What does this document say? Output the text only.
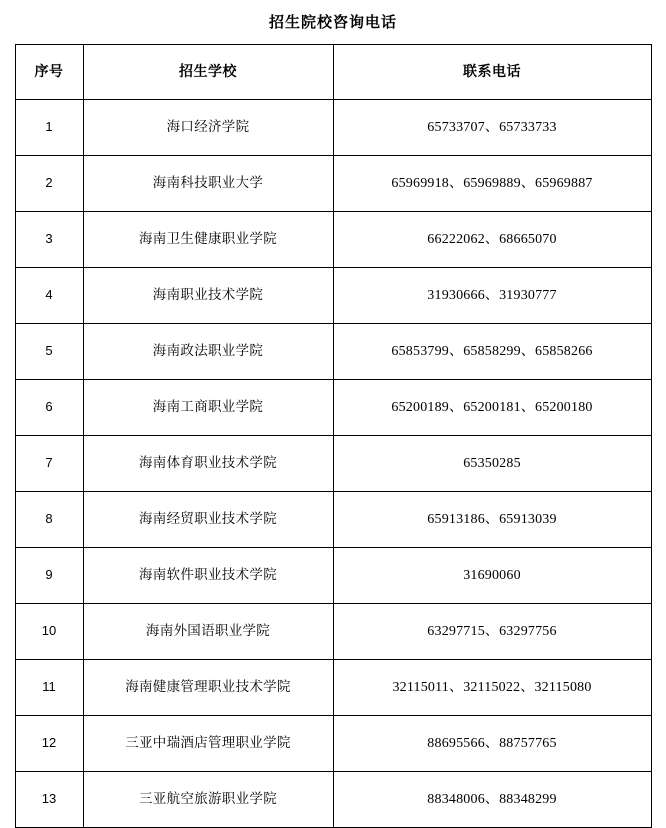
招生院校咨询电话
序号	招生学校	联系电话
1	海口经济学院	65733707、65733733
2	海南科技职业大学	65969918、65969889、65969887
3	海南卫生健康职业学院	66222062、68665070
4	海南职业技术学院	31930666、31930777
5	海南政法职业学院	65853799、65858299、65858266
6	海南工商职业学院	65200189、65200181、65200180
7	海南体育职业技术学院	65350285
8	海南经贸职业技术学院	65913186、65913039
9	海南软件职业技术学院	31690060
10	海南外国语职业学院	63297715、63297756
11	海南健康管理职业技术学院	32115011、32115022、32115080
12	三亚中瑞酒店管理职业学院	88695566、88757765
13	三亚航空旅游职业学院	88348006、88348299
